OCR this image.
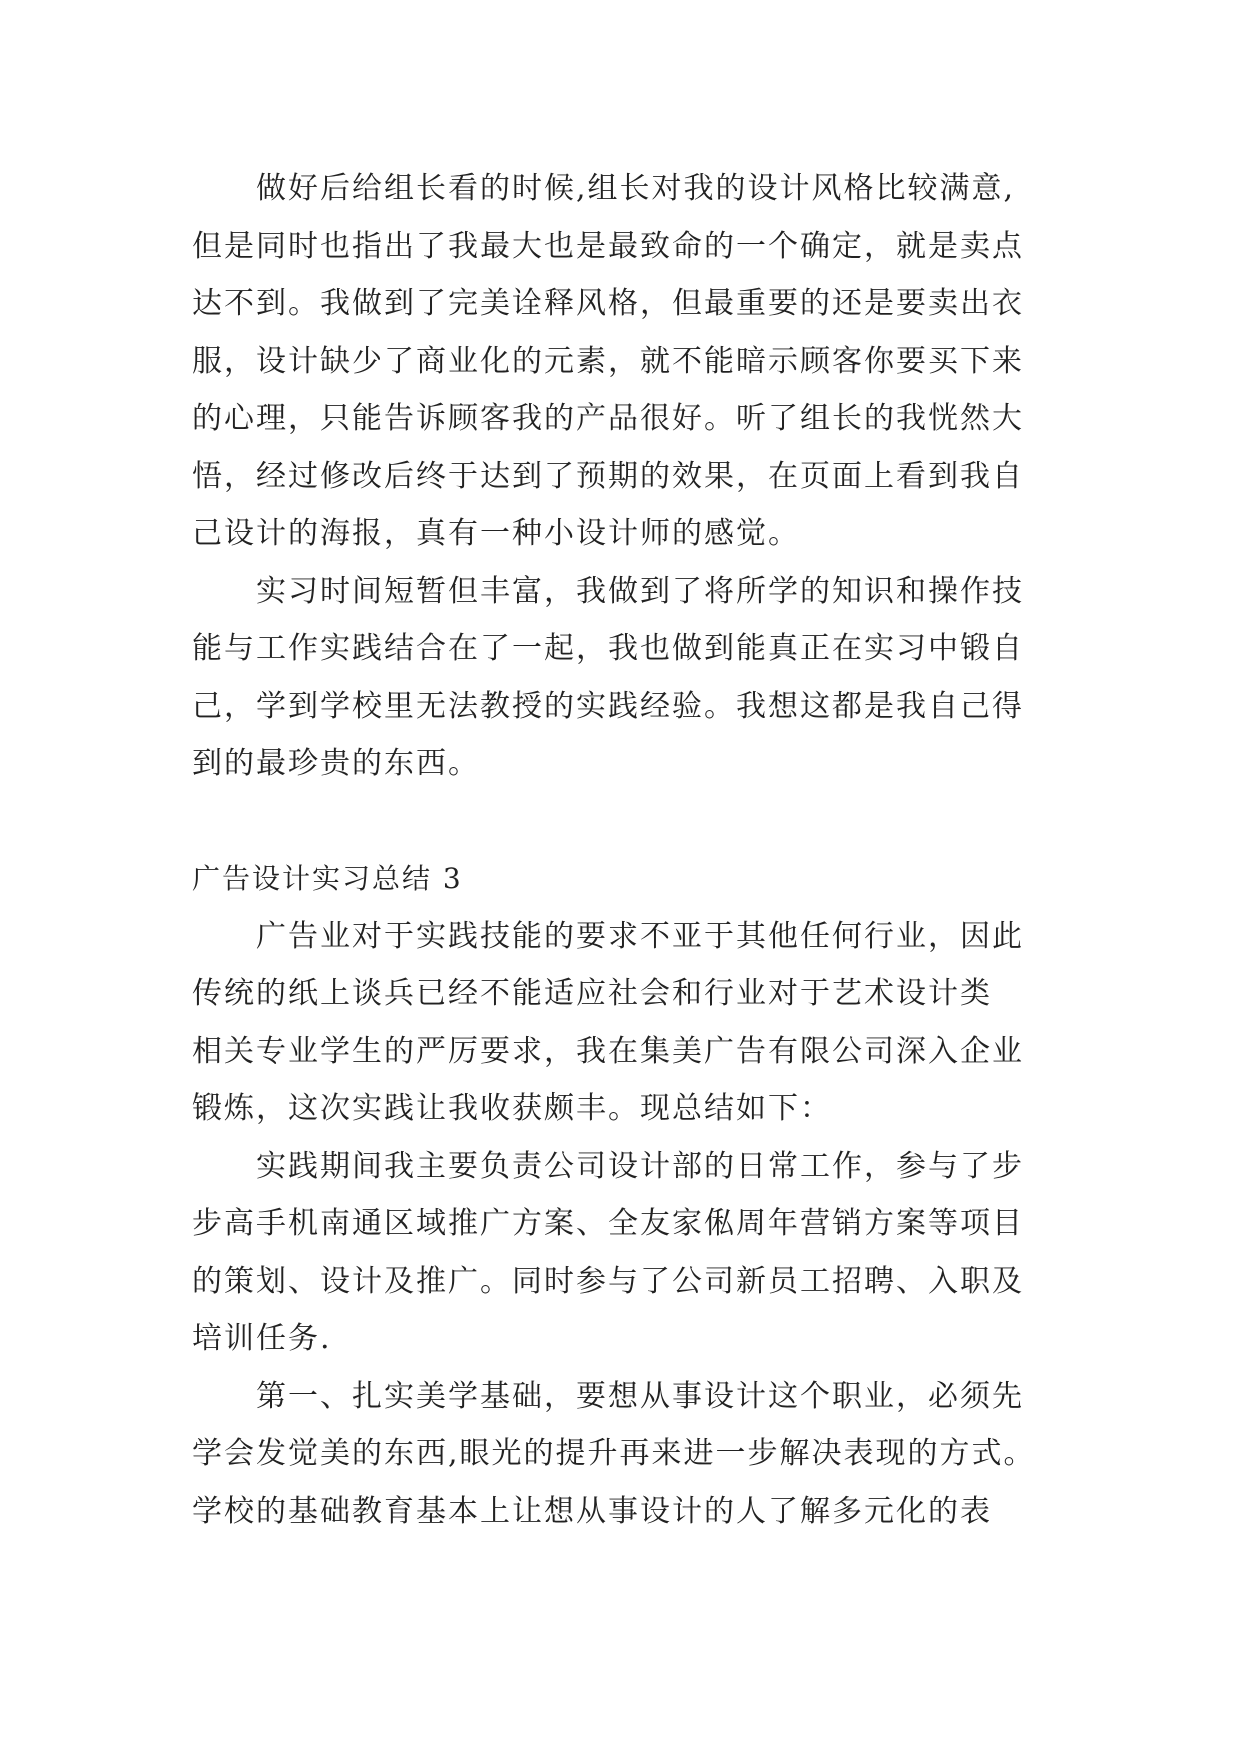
做好后给组长看的时候,组长对我的设计风格比较满意,
但是同时也指出了我最大也是最致命的一个确定，就是卖点
达不到。我做到了完美诠释风格，但最重要的还是要卖出衣
服，设计缺少了商业化的元素，就不能暗示顾客你要买下来
的心理，只能告诉顾客我的产品很好。听了组长的我恍然大
悟，经过修改后终于达到了预期的效果，在页面上看到我自
己设计的海报，真有一种小设计师的感觉。
实习时间短暂但丰富，我做到了将所学的知识和操作技
能与工作实践结合在了一起，我也做到能真正在实习中锻自
己，学到学校里无法教授的实践经验。我想这都是我自己得
到的最珍贵的东西。
广告设计实习总结 3
广告业对于实践技能的要求不亚于其他任何行业，因此
传统的纸上谈兵已经不能适应社会和行业对于艺术设计类
相关专业学生的严厉要求，我在集美广告有限公司深入企业
锻炼，这次实践让我收获颇丰。现总结如下：
实践期间我主要负责公司设计部的日常工作，参与了步
步高手机南通区域推广方案、全友家俬周年营销方案等项目
的策划、设计及推广。同时参与了公司新员工招聘、入职及
培训任务.
第一、扎实美学基础，要想从事设计这个职业，必须先
学会发觉美的东西,眼光的提升再来进一步解决表现的方式。
学校的基础教育基本上让想从事设计的人了解多元化的表
